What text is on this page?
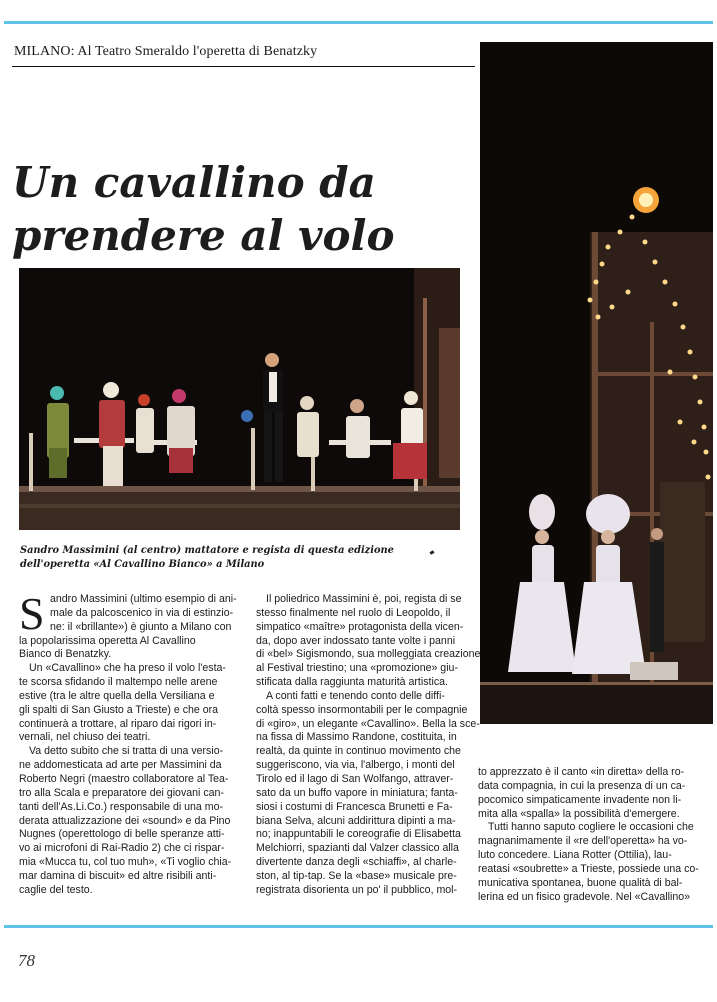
MILANO: Al Teatro Smeraldo l'operetta di Benatzky
Un cavallino da
prendere al volo
Sandro Massimini (al centro) mattatore e regista di questa edizione
dell'operetta «Al Cavallino Bianco» a Milano
S andro Massimini (ultimo esempio di ani-

male da palcoscenico in via di estinzio-

ne: il «brillante») è giunto a Milano con

la popolarissima operetta Al Cavallino

Bianco di Benatzky.

Un «Cavallino» che ha preso il volo l'esta-

te scorsa sfidando il maltempo nelle arene

estive (tra le altre quella della Versiliana e

gli spalti di San Giusto a Trieste) e che ora

continuerà a trottare, al riparo dai rigori in-

vernali, nel chiuso dei teatri.

Va detto subito che si tratta di una versio-

ne addomesticata ad arte per Massimini da

Roberto Negri (maestro collaboratore al Tea-

tro alla Scala e preparatore dei giovani can-

tanti dell'As.Li.Co.) responsabile di una mo-

derata attualizzazione dei «sound» e da Pino

Nugnes (operettologo di belle speranze atti-

vo ai microfoni di Rai-Radio 2) che ci rispar-

mia «Mucca tu, col tuo muh», «Ti voglio chia-

mar damina di biscuit» ed altre risibili anti-

caglie del testo.

Il poliedrico Massimini è, poi, regista di se

stesso finalmente nel ruolo di Leopoldo, il

simpatico «maître» protagonista della vicen-

da, dopo aver indossato tante volte i panni

di «bel» Sigismondo, sua molleggiata creazione

al Festival triestino; una «promozione» giu-

stificata dalla raggiunta maturità artistica.

A conti fatti e tenendo conto delle diffi-

coltà spesso insormontabili per le compagnie

di «giro», un elegante «Cavallino». Bella la sce-

na fissa di Massimo Randone, costituita, in

realtà, da quinte in continuo movimento che

suggeriscono, via via, l'albergo, i monti del

Tirolo ed il lago di San Wolfango, attraver-

sato da un buffo vapore in miniatura; fanta-

siosi i costumi di Francesca Brunetti e Fa-

biana Selva, alcuni addirittura dipinti a ma-

no; inappuntabili le coreografie di Elisabetta

Melchiorri, spazianti dal Valzer classico alla

divertente danza degli «schiaffi», al charle-

ston, al tip-tap. Se la «base» musicale pre-

registrata disorienta un po' il pubblico, mol-

to apprezzato è il canto «in diretta» della ro-

data compagnia, in cui la presenza di un ca-

pocomico simpaticamente invadente non li-

mita alla «spalla» la possibilità d'emergere.

Tutti hanno saputo cogliere le occasioni che

magnanimamente il «re dell'operetta» ha vo-

luto concedere. Liana Rotter (Ottilia), lau-

reatasi «soubrette» a Trieste, possiede una co-

municativa spontanea, buone qualità di bal-

lerina ed un fisico gradevole. Nel «Cavallino»

78
